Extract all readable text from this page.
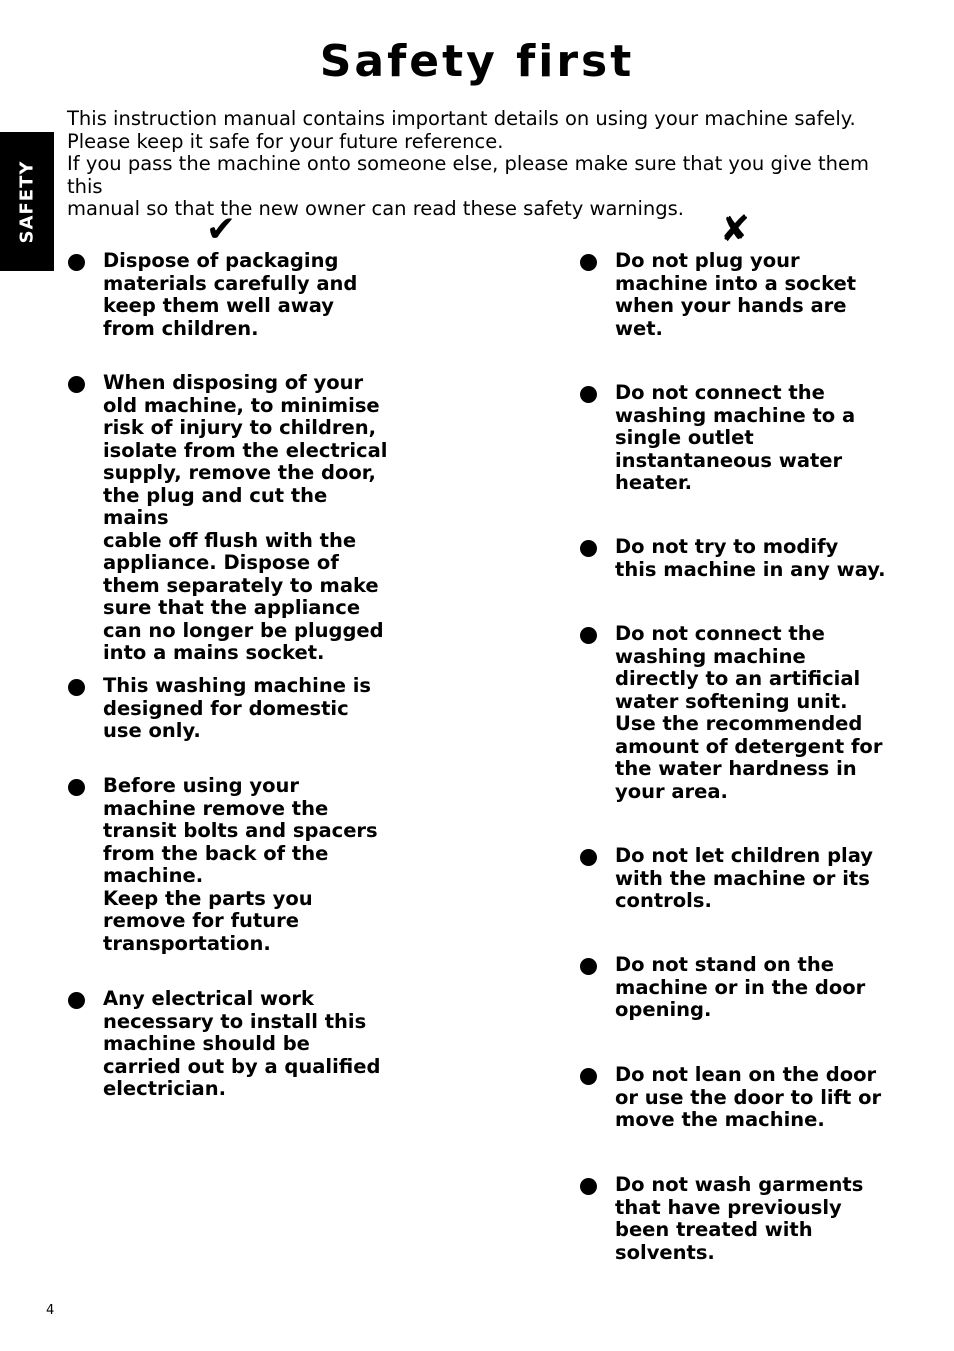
Safety first
SAFETY

This instruction manual contains important details on using your machine safely.

Please keep it safe for your future reference.

If you pass the machine onto someone else, please make sure that you give them this

manual so that the new owner can read these safety warnings.

✔	✘
Dispose of packaging
materials carefully and
keep them well away
from children.
When disposing of your
old machine, to minimise
risk of injury to children,
isolate from the electrical
supply, remove the door,
the plug and cut the mains
cable off flush with the
appliance. Dispose of
them separately to make
sure that the appliance
can no longer be plugged
into a mains socket.
This washing machine is
designed for domestic
use only.
Before using your
machine remove the
transit bolts and spacers
from the back of the
machine.
Keep the parts you
remove for future
transportation.
Any electrical work
necessary to install this
machine should be
carried out by a qualified
electrician.
Do not plug your
machine into a socket
when your hands are
wet.
Do not connect the
washing machine to a
single outlet
instantaneous water
heater.
Do not try to modify
this machine in any way.
Do not connect the
washing machine
directly to an artificial
water softening unit.
Use the recommended
amount of detergent for
the water hardness in
your area.
Do not let children play
with the machine or its
controls.
Do not stand on the
machine or in the door
opening.
Do not lean on the door
or use the door to lift or
move the machine.
Do not wash garments
that have previously
been treated with
solvents.
4
